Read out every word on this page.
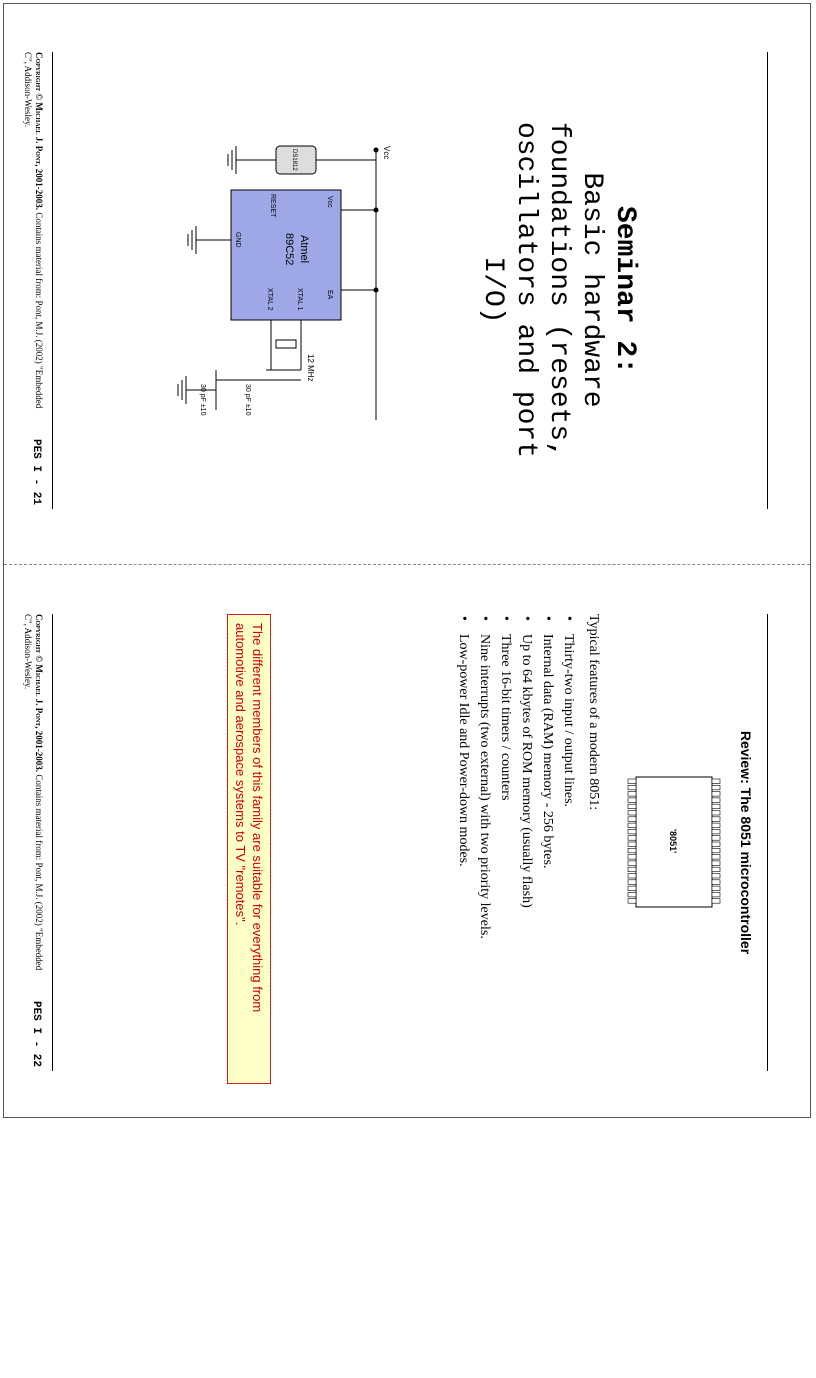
Seminar 2:
Basic hardware foundations (resets, oscillators and port I/O)
Vcc
DS1812
Vcc
EA
Atmel
89C52
RESET
GND
XTAL 1
XTAL 2
12 MHz
30 pF ±10
30 pF ±10
Copyright © Michael J. Pont, 2001-2003. Contains material from: Pont, M.J. (2002) "Embedded C", Addison-Wesley.
PES I - 21
Review: The 8051 microcontroller
'8051'
Typical features of a modern 8051:
• Thirty-two input / output lines.
• Internal data (RAM) memory - 256 bytes.
• Up to 64 kbytes of ROM memory (usually flash)
• Three 16-bit timers / counters
• Nine interrupts (two external) with two priority levels.
• Low-power Idle and Power-down modes.
The different members of this family are suitable for everything from automotive and aerospace systems to TV "remotes".
Copyright © Michael J. Pont, 2001-2003. Contains material from: Pont, M.J. (2002) "Embedded C", Addison-Wesley.
PES I - 22
